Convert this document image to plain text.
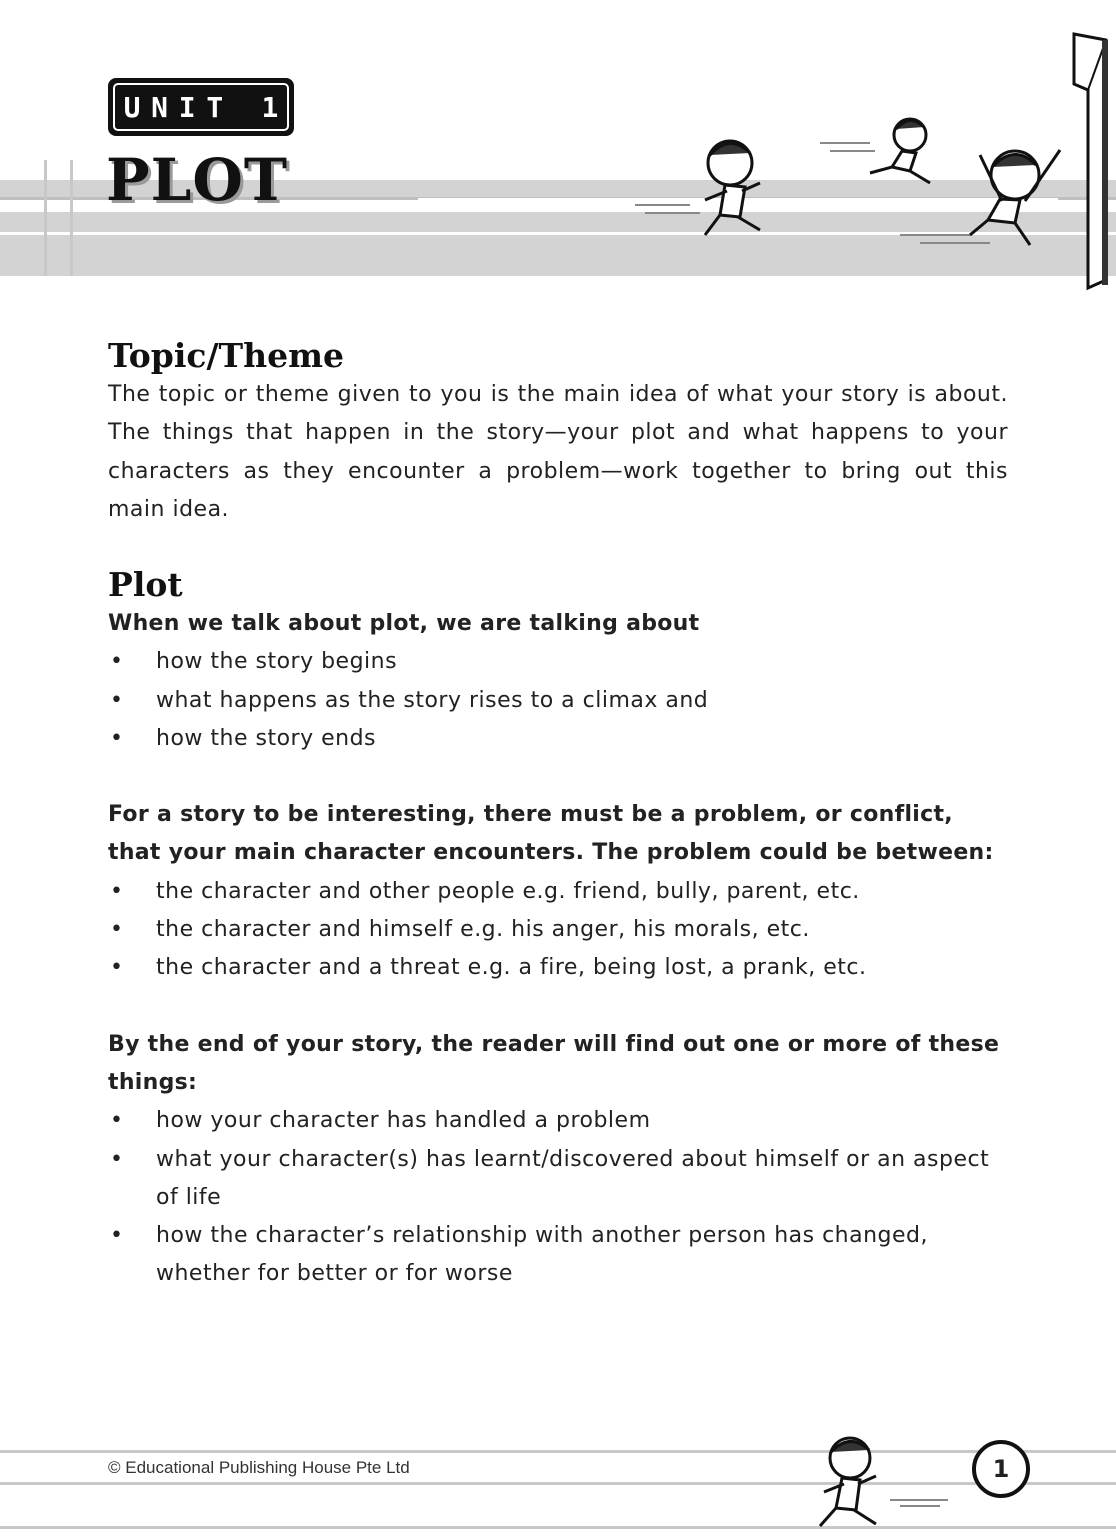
U N I T 1
PLOT
Topic/Theme

The topic or theme given to you is the main idea of what your story is about. The things that happen in the story—your plot and what happens to your characters as they encounter a problem—work together to bring out this main idea.

Plot

When we talk about plot, we are talking about

• how the story begins
• what happens as the story rises to a climax and
• how the story ends

For a story to be interesting, there must be a problem, or conflict, that your main character encounters. The problem could be between:

• the character and other people e.g. friend, bully, parent, etc.
• the character and himself e.g. his anger, his morals, etc.
• the character and a threat e.g. a fire, being lost, a prank, etc.

By the end of your story, the reader will find out one or more of these things:

• how your character has handled a problem
• what your character(s) has learnt/discovered about himself or an aspect of life
• how the character’s relationship with another person has changed, whether for better or for worse
© Educational Publishing House Pte Ltd	1
